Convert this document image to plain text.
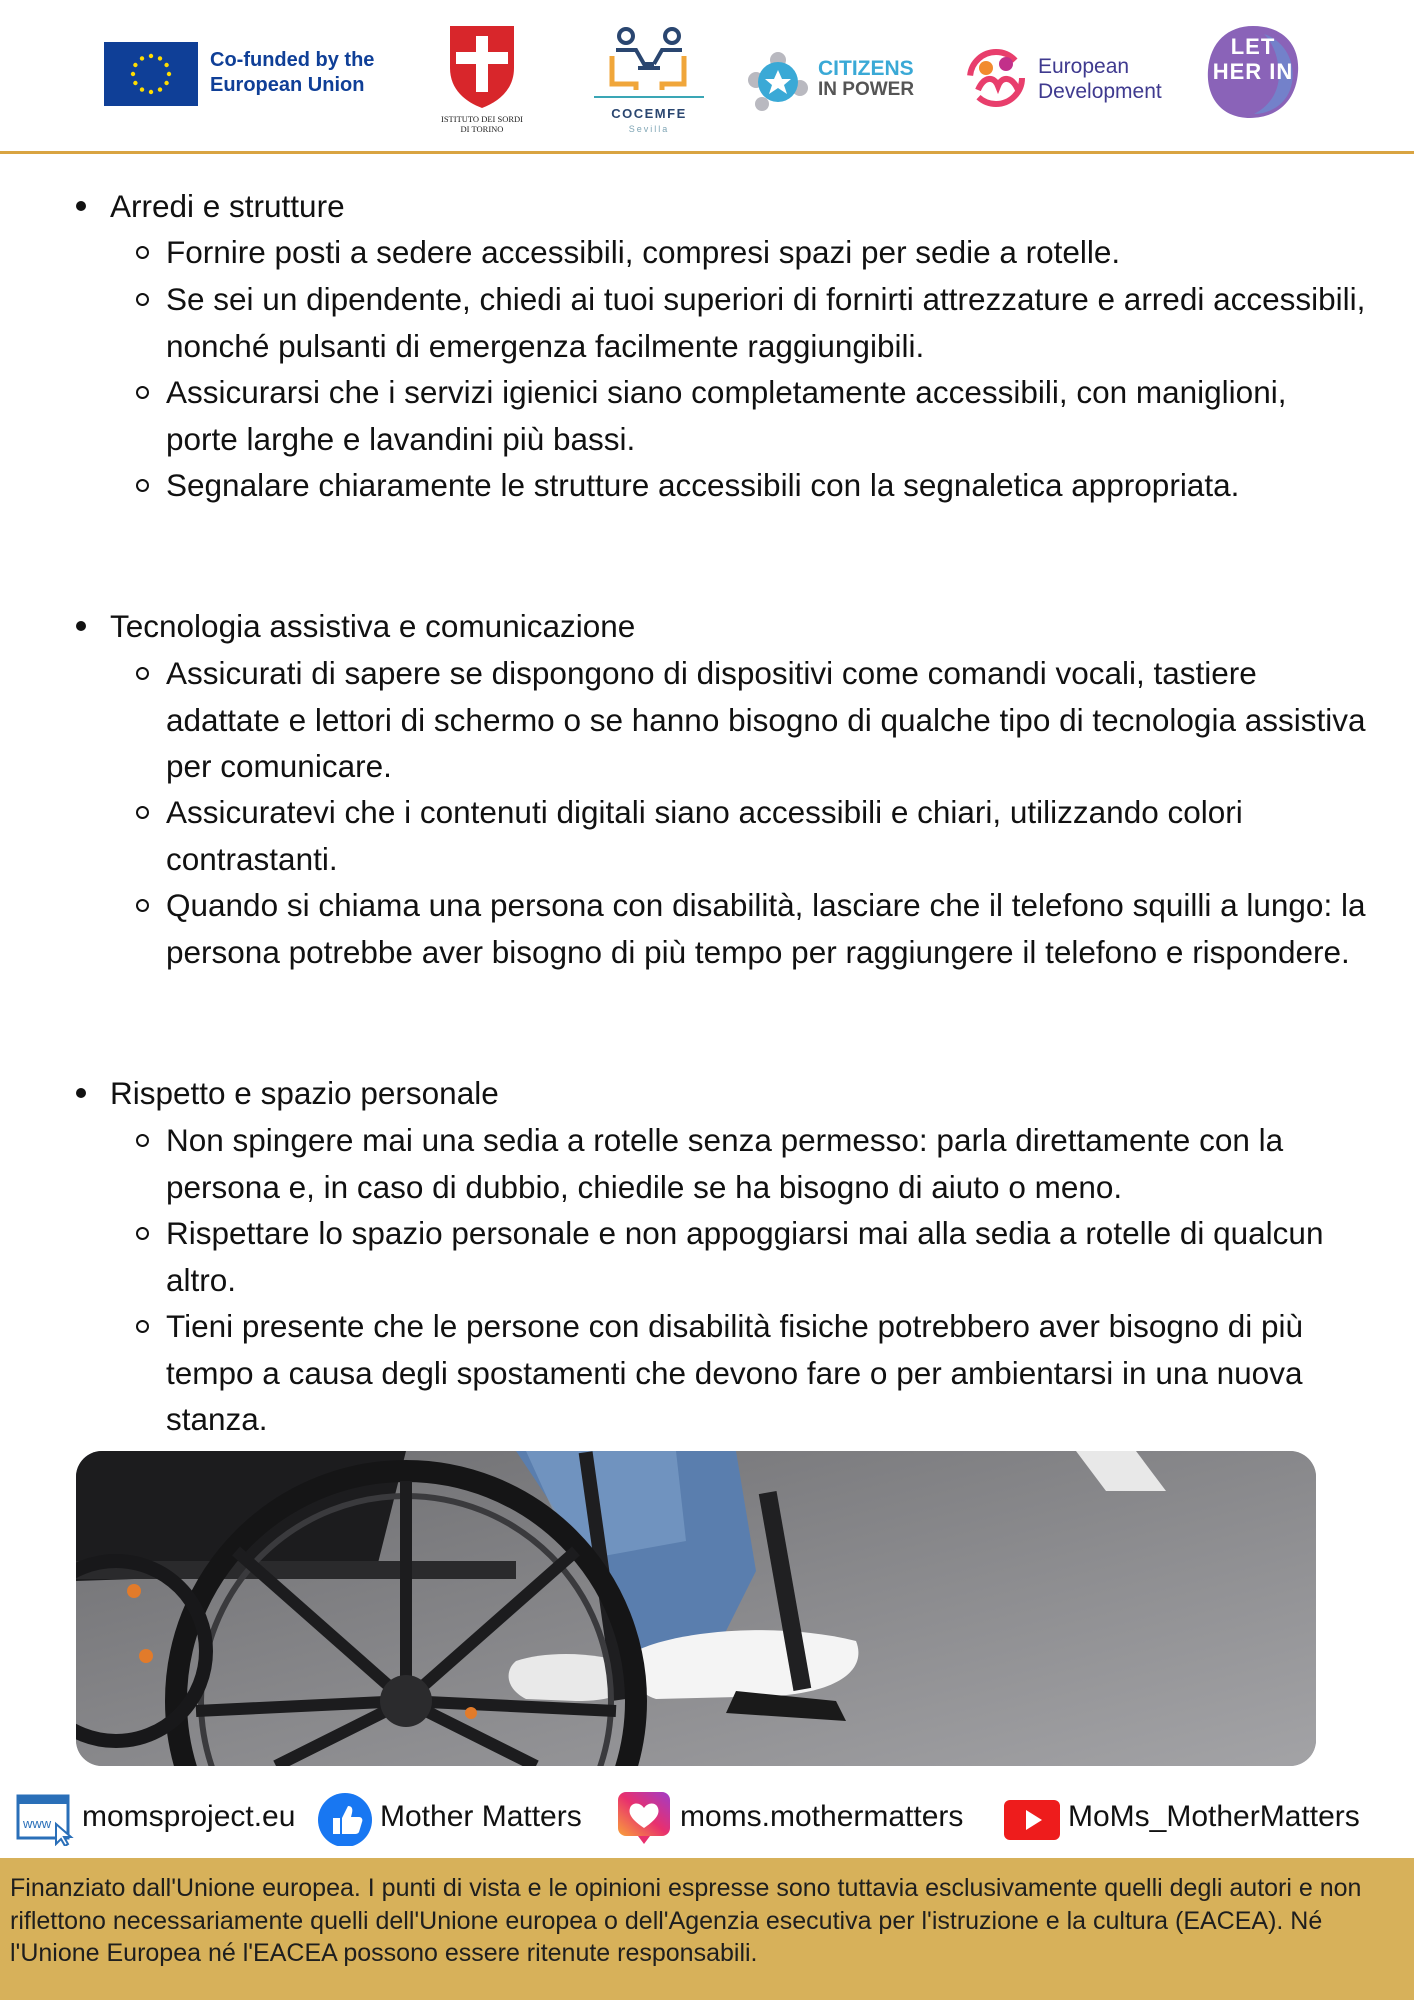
Co-funded by the European Union
ISTITUTO DEI SORDI DI TORINO
COCEMFE
Sevilla
CITIZENS
IN POWER
European Development
LET HER IN
Arredi e strutture
Fornire posti a sedere accessibili, compresi spazi per sedie a rotelle.
Se sei un dipendente, chiedi ai tuoi superiori di fornirti attrezzature e arredi accessibili, nonché pulsanti di emergenza facilmente raggiungibili.
Assicurarsi che i servizi igienici siano completamente accessibili, con maniglioni, porte larghe e lavandini più bassi.
Segnalare chiaramente le strutture accessibili con la segnaletica appropriata.
Tecnologia assistiva e comunicazione
Assicurati di sapere se dispongono di dispositivi come comandi vocali, tastiere adattate e lettori di schermo o se hanno bisogno di qualche tipo di tecnologia assistiva per comunicare.
Assicuratevi che i contenuti digitali siano accessibili e chiari, utilizzando colori contrastanti.
Quando si chiama una persona con disabilità, lasciare che il telefono squilli a lungo: la persona potrebbe aver bisogno di più tempo per raggiungere il telefono e rispondere.
Rispetto e spazio personale
Non spingere mai una sedia a rotelle senza permesso: parla direttamente con la persona e, in caso di dubbio, chiedile se ha bisogno di aiuto o meno.
Rispettare lo spazio personale e non appoggiarsi mai alla sedia a rotelle di qualcun altro.
Tieni presente che le persone con disabilità fisiche potrebbero aver bisogno di più tempo a causa degli spostamenti che devono fare o per ambientarsi in una nuova stanza.
www momsproject.eu	Mother Matters	moms.mothermatters	MoMs_MotherMatters
Finanziato dall'Unione europea. I punti di vista e le opinioni espresse sono tuttavia esclusivamente quelli degli autori e non riflettono necessariamente quelli dell'Unione europea o dell'Agenzia esecutiva per l'istruzione e la cultura (EACEA). Né l'Unione Europea né l'EACEA possono essere ritenute responsabili.
